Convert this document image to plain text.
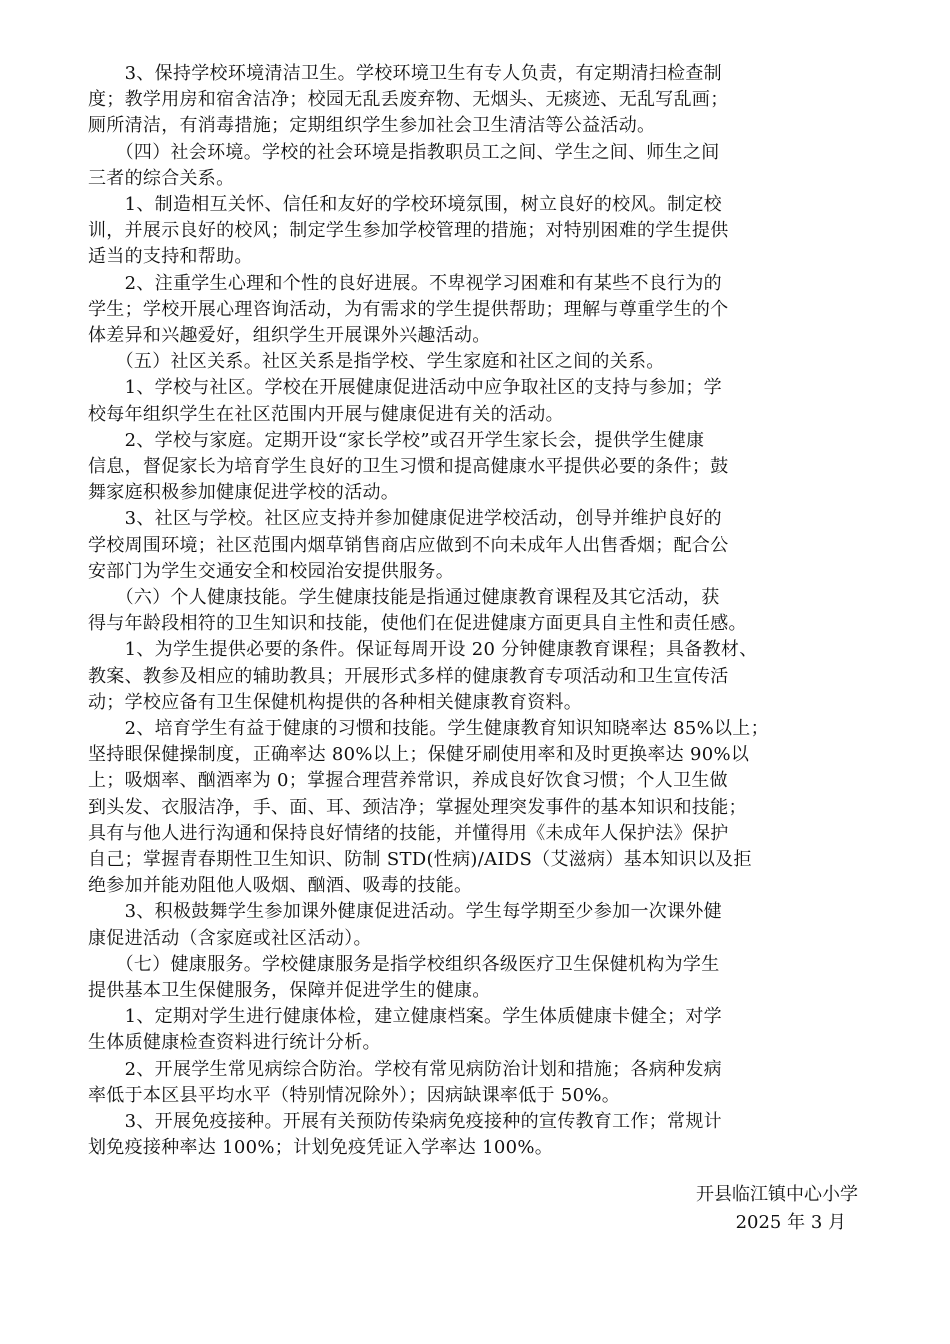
　　3、保持学校环境清洁卫生。学校环境卫生有专人负责，有定期清扫检查制
度；教学用房和宿舍洁净；校园无乱丢废弃物、无烟头、无痰迹、无乱写乱画；
厕所清洁，有消毒措施；定期组织学生参加社会卫生清洁等公益活动。
　　（四）社会环境。学校的社会环境是指教职员工之间、学生之间、师生之间
三者的综合关系。
　　1、制造相互关怀、信任和友好的学校环境氛围，树立良好的校风。制定校
训，并展示良好的校风；制定学生参加学校管理的措施；对特别困难的学生提供
适当的支持和帮助。
　　2、注重学生心理和个性的良好进展。不卑视学习困难和有某些不良行为的
学生；学校开展心理咨询活动，为有需求的学生提供帮助；理解与尊重学生的个
体差异和兴趣爱好，组织学生开展课外兴趣活动。
　　（五）社区关系。社区关系是指学校、学生家庭和社区之间的关系。
　　1、学校与社区。学校在开展健康促进活动中应争取社区的支持与参加；学
校每年组织学生在社区范围内开展与健康促进有关的活动。
　　2、学校与家庭。定期开设“家长学校”或召开学生家长会，提供学生健康
信息，督促家长为培育学生良好的卫生习惯和提高健康水平提供必要的条件；鼓
舞家庭积极参加健康促进学校的活动。
　　3、社区与学校。社区应支持并参加健康促进学校活动，创导并维护良好的
学校周围环境；社区范围内烟草销售商店应做到不向未成年人出售香烟；配合公
安部门为学生交通安全和校园治安提供服务。
　　（六）个人健康技能。学生健康技能是指通过健康教育课程及其它活动，获
得与年龄段相符的卫生知识和技能，使他们在促进健康方面更具自主性和责任感。
　　1、为学生提供必要的条件。保证每周开设 20 分钟健康教育课程；具备教材、
教案、教参及相应的辅助教具；开展形式多样的健康教育专项活动和卫生宣传活
动；学校应备有卫生保健机构提供的各种相关健康教育资料。
　　2、培育学生有益于健康的习惯和技能。学生健康教育知识知晓率达 85%以上；
坚持眼保健操制度，正确率达 80%以上；保健牙刷使用率和及时更换率达 90%以
上；吸烟率、酗酒率为 0；掌握合理营养常识，养成良好饮食习惯；个人卫生做
到头发、衣服洁净，手、面、耳、颈洁净；掌握处理突发事件的基本知识和技能；
具有与他人进行沟通和保持良好情绪的技能，并懂得用《未成年人保护法》保护
自己；掌握青春期性卫生知识、防制 STD(性病)/AIDS（艾滋病）基本知识以及拒
绝参加并能劝阻他人吸烟、酗酒、吸毒的技能。
　　3、积极鼓舞学生参加课外健康促进活动。学生每学期至少参加一次课外健
康促进活动（含家庭或社区活动）。
　　（七）健康服务。学校健康服务是指学校组织各级医疗卫生保健机构为学生
提供基本卫生保健服务，保障并促进学生的健康。
　　1、定期对学生进行健康体检，建立健康档案。学生体质健康卡健全；对学
生体质健康检查资料进行统计分析。
　　2、开展学生常见病综合防治。学校有常见病防治计划和措施；各病种发病
率低于本区县平均水平（特别情况除外）；因病缺课率低于 50%。
　　3、开展免疫接种。开展有关预防传染病免疫接种的宣传教育工作；常规计
划免疫接种率达 100%；计划免疫凭证入学率达 100%。
开县临江镇中心小学
2025 年 3 月
